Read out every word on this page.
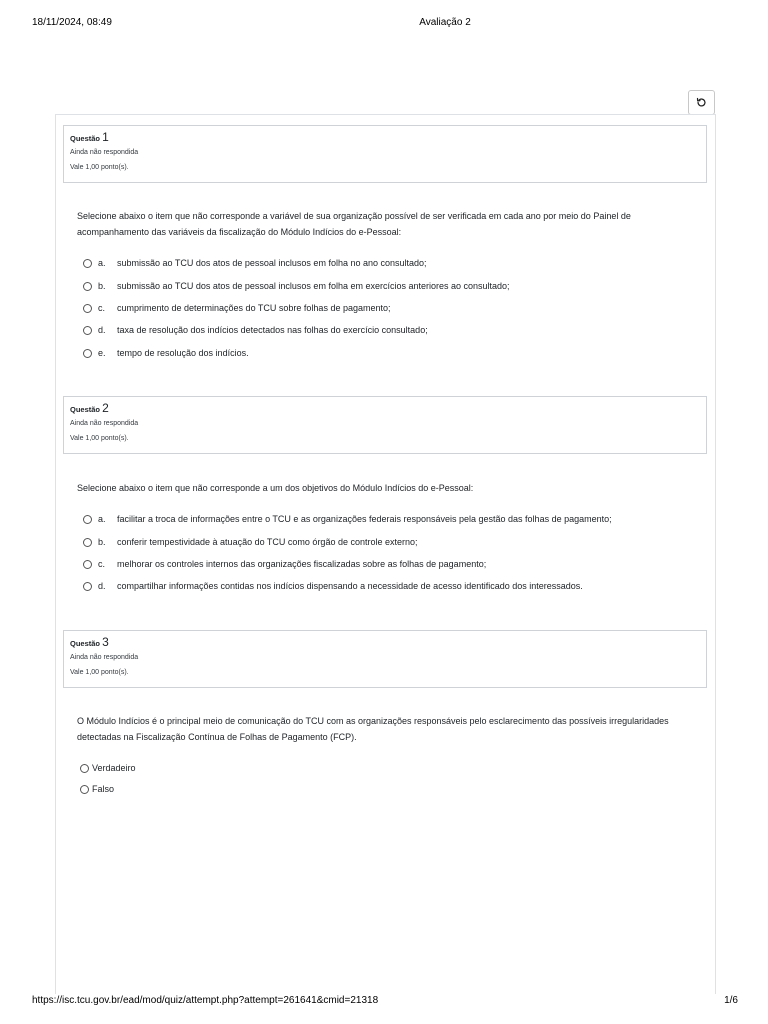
18/11/2024, 08:49	Avaliação 2
Questão 1
Ainda não respondida
Vale 1,00 ponto(s).
Selecione abaixo o item que não corresponde a variável de sua organização possível de ser verificada em cada ano por meio do Painel de acompanhamento das variáveis da fiscalização do Módulo Indícios do e-Pessoal:
a.	submissão ao TCU dos atos de pessoal inclusos em folha no ano consultado;
b.	submissão ao TCU dos atos de pessoal inclusos em folha em exercícios anteriores ao consultado;
c.	cumprimento de determinações do TCU sobre folhas de pagamento;
d.	taxa de resolução dos indícios detectados nas folhas do exercício consultado;
e.	tempo de resolução dos indícios.
Questão 2
Ainda não respondida
Vale 1,00 ponto(s).
Selecione abaixo o item que não corresponde a um dos objetivos do Módulo Indícios do e-Pessoal:
a.	facilitar a troca de informações entre o TCU e as organizações federais responsáveis pela gestão das folhas de pagamento;
b.	conferir tempestividade à atuação do TCU como órgão de controle externo;
c.	melhorar os controles internos das organizações fiscalizadas sobre as folhas de pagamento;
d.	compartilhar informações contidas nos indícios dispensando a necessidade de acesso identificado dos interessados.
Questão 3
Ainda não respondida
Vale 1,00 ponto(s).
O Módulo Indícios é o principal meio de comunicação do TCU com as organizações responsáveis pelo esclarecimento das possíveis irregularidades detectadas na Fiscalização Contínua de Folhas de Pagamento (FCP).
Verdadeiro
Falso
https://isc.tcu.gov.br/ead/mod/quiz/attempt.php?attempt=261641&cmid=21318	1/6
